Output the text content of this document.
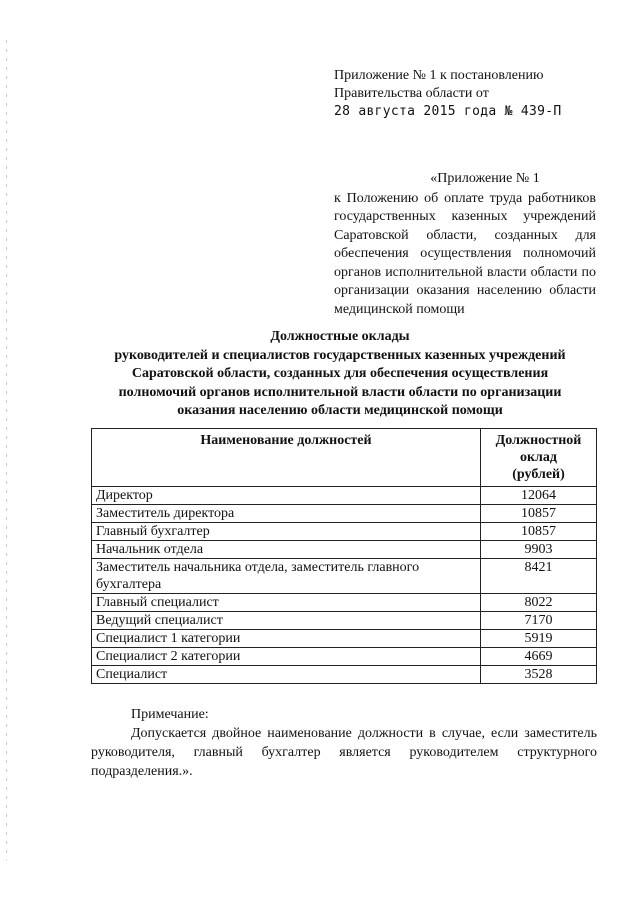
Приложение № 1 к постановлению
Правительства области от
28 августа 2015 года № 439-П
«Приложение № 1
к Положению об оплате труда работников государственных казенных учреждений Саратовской области, созданных для обеспечения осуществления полномочий органов исполнительной власти области по организации оказания населению области медицинской помощи
Должностные оклады
руководителей и специалистов государственных казенных учреждений
Саратовской области, созданных для обеспечения осуществления
полномочий органов исполнительной власти области по организации
оказания населению области медицинской помощи
Наименование должностей	Должностной
оклад
(рублей)

Директор	12064
Заместитель директора	10857
Главный бухгалтер	10857
Начальник отдела	9903
Заместитель начальника отдела, заместитель главного бухгалтера	8421
Главный специалист	8022
Ведущий специалист	7170
Специалист 1 категории	5919
Специалист 2 категории	4669
Специалист	3528
Примечание:
Допускается двойное наименование должности в случае, если заместитель руководителя, главный бухгалтер является руководителем структурного подразделения.».
